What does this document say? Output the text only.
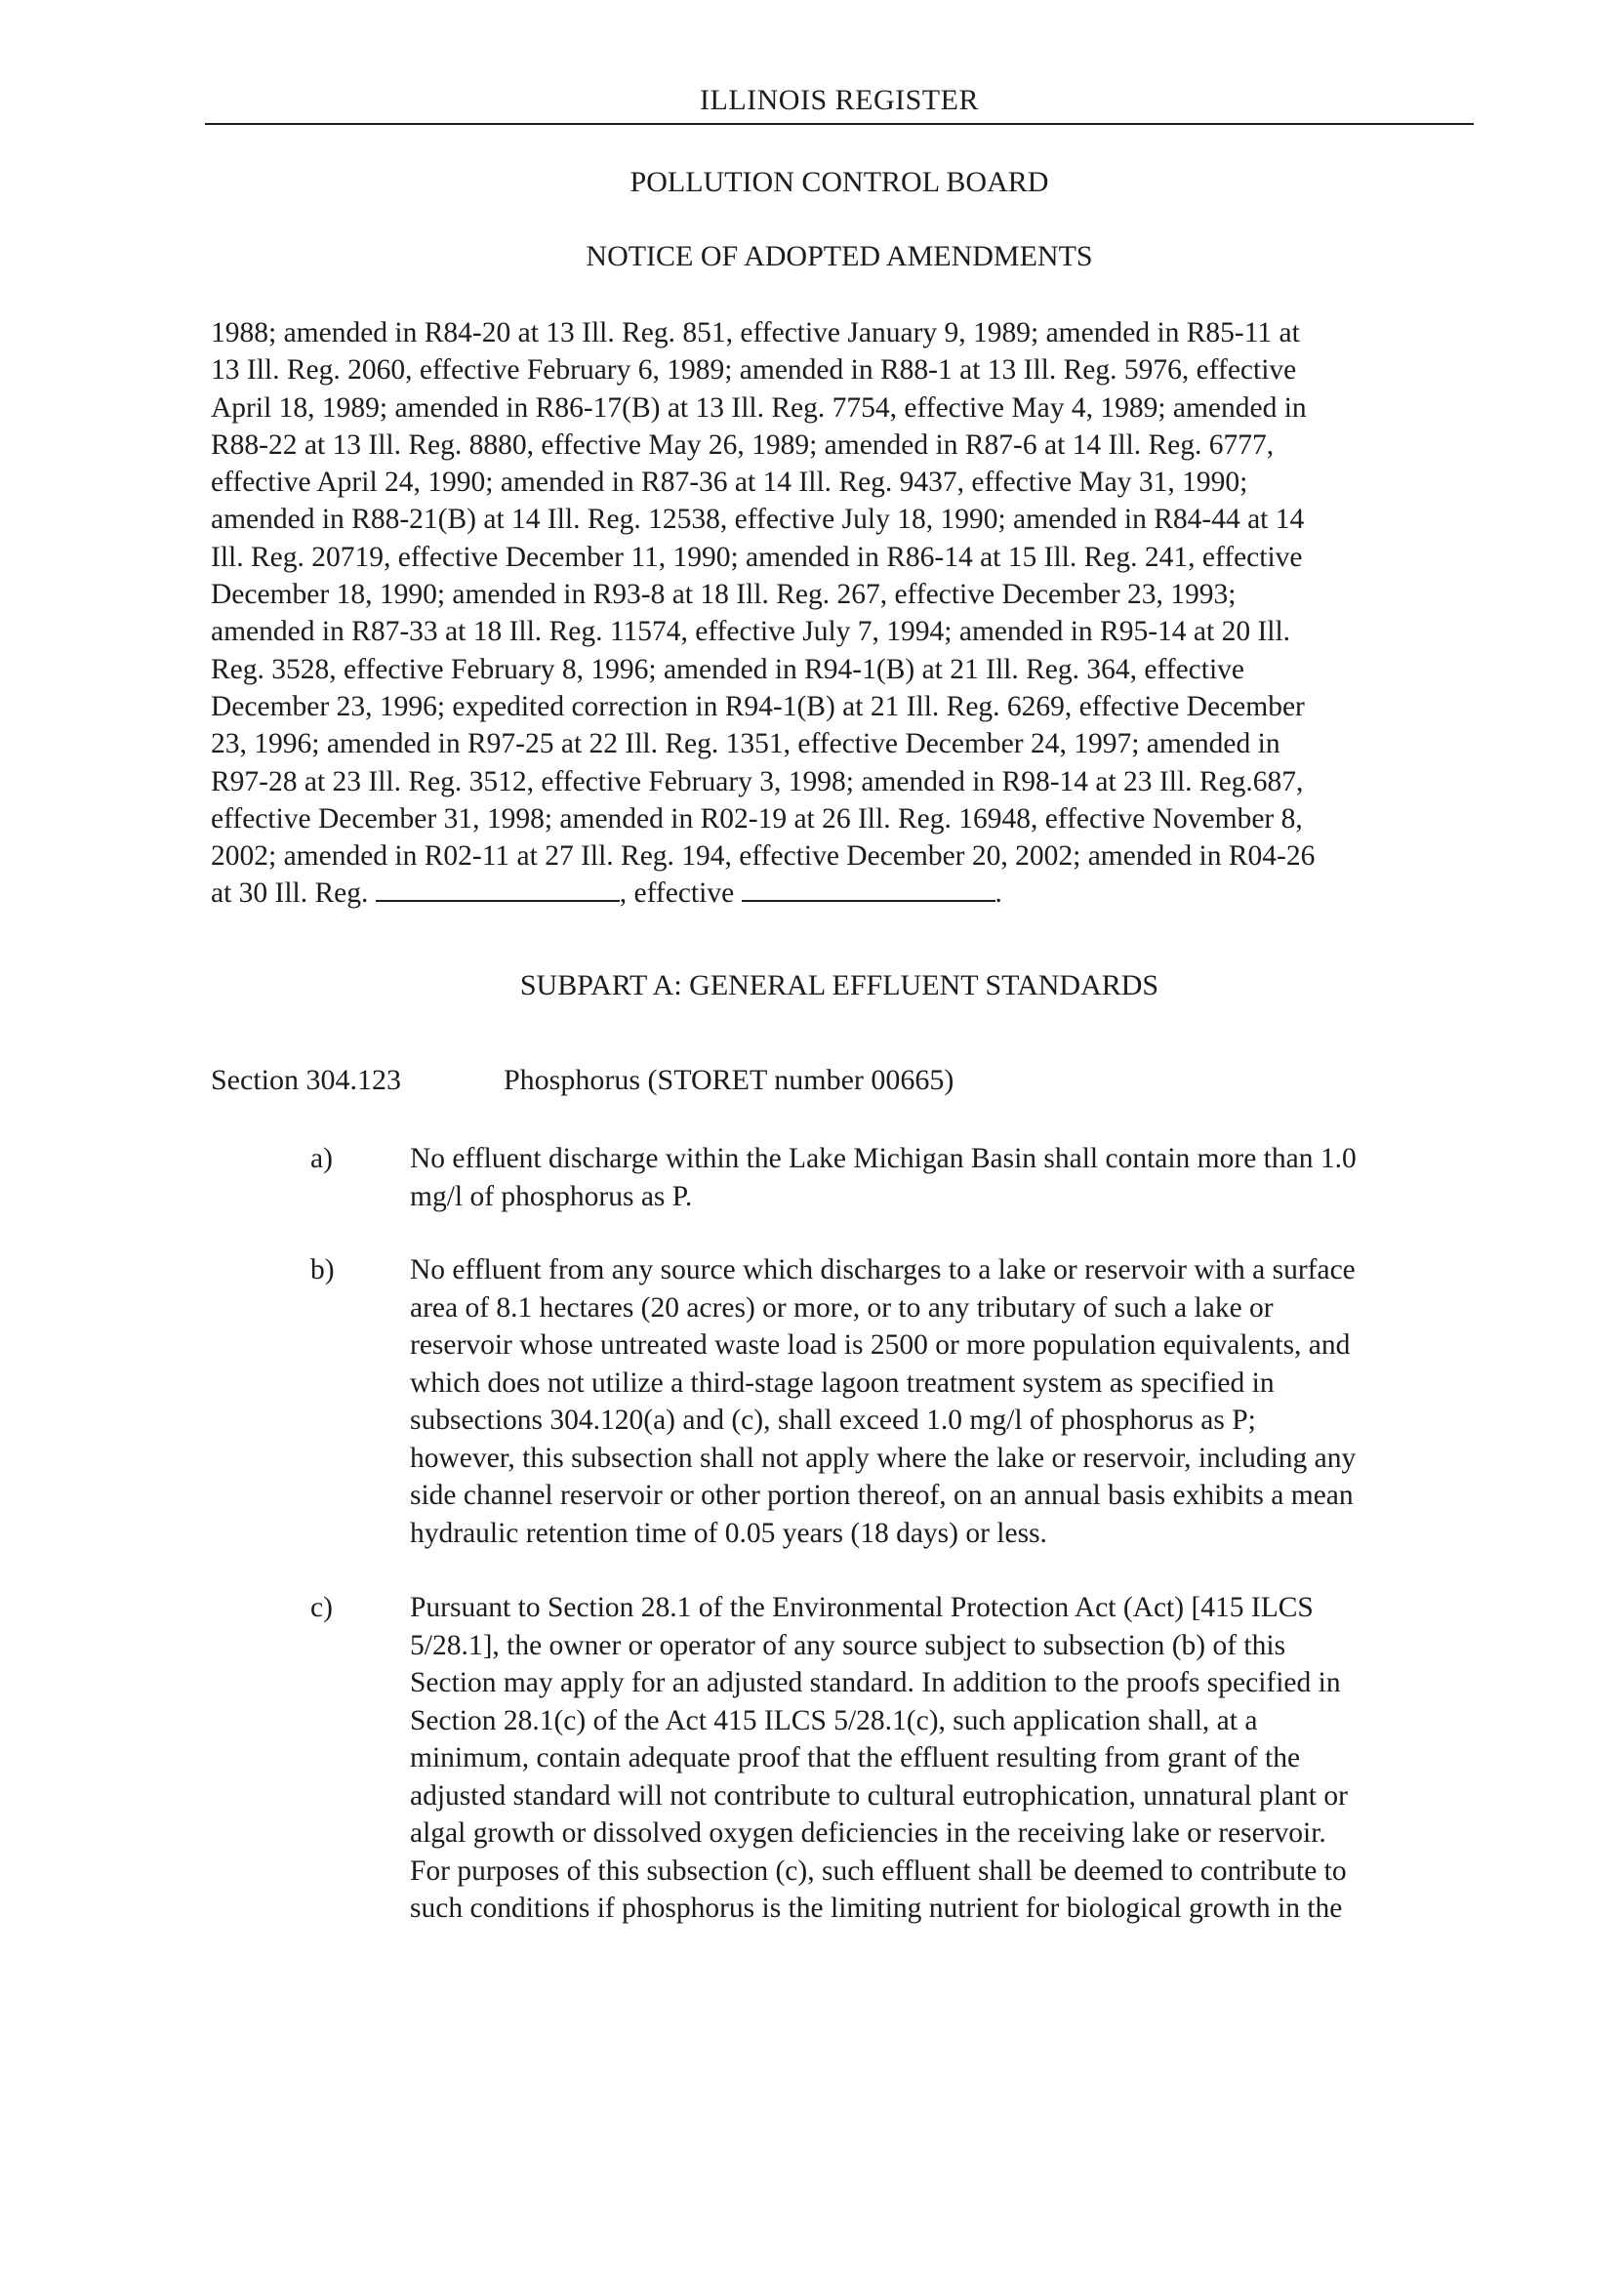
ILLINOIS REGISTER
POLLUTION CONTROL BOARD
NOTICE OF ADOPTED AMENDMENTS
1988; amended in R84-20 at 13 Ill. Reg. 851, effective January 9, 1989; amended in R85-11 at
13 Ill. Reg. 2060, effective February 6, 1989; amended in R88-1 at 13 Ill. Reg. 5976, effective
April 18, 1989; amended in R86-17(B) at 13 Ill. Reg. 7754, effective May 4, 1989; amended in
R88-22 at 13 Ill. Reg. 8880, effective May 26, 1989; amended in R87-6 at 14 Ill. Reg. 6777,
effective April 24, 1990; amended in R87-36 at 14 Ill. Reg. 9437, effective May 31, 1990;
amended in R88-21(B) at 14 Ill. Reg. 12538, effective July 18, 1990; amended in R84-44 at 14
Ill. Reg. 20719, effective December 11, 1990; amended in R86-14 at 15 Ill. Reg. 241, effective
December 18, 1990; amended in R93-8 at 18 Ill. Reg. 267, effective December 23, 1993;
amended in R87-33 at 18 Ill. Reg. 11574, effective July 7, 1994; amended in R95-14 at 20 Ill.
Reg. 3528, effective February 8, 1996; amended in R94-1(B) at 21 Ill. Reg. 364, effective
December 23, 1996; expedited correction in R94-1(B) at 21 Ill. Reg. 6269, effective December
23, 1996; amended in R97-25 at 22 Ill. Reg. 1351, effective December 24, 1997; amended in
R97-28 at 23 Ill. Reg. 3512, effective February 3, 1998; amended in R98-14 at 23 Ill. Reg.687,
effective December 31, 1998; amended in R02-19 at 26 Ill. Reg. 16948, effective November 8,
2002; amended in R02-11 at 27 Ill. Reg. 194, effective December 20, 2002; amended in R04-26
at 30 Ill. Reg.	, effective	.
SUBPART A: GENERAL EFFLUENT STANDARDS
Section 304.123	Phosphorus (STORET number 00665)
a)	No effluent discharge within the Lake Michigan Basin shall contain more than 1.0
mg/l of phosphorus as P.
b)	No effluent from any source which discharges to a lake or reservoir with a surface
area of 8.1 hectares (20 acres) or more, or to any tributary of such a lake or
reservoir whose untreated waste load is 2500 or more population equivalents, and
which does not utilize a third-stage lagoon treatment system as specified in
subsections 304.120(a) and (c), shall exceed 1.0 mg/l of phosphorus as P;
however, this subsection shall not apply where the lake or reservoir, including any
side channel reservoir or other portion thereof, on an annual basis exhibits a mean
hydraulic retention time of 0.05 years (18 days) or less.
c)	Pursuant to Section 28.1 of the Environmental Protection Act (Act) [415 ILCS
5/28.1], the owner or operator of any source subject to subsection (b) of this
Section may apply for an adjusted standard. In addition to the proofs specified in
Section 28.1(c) of the Act 415 ILCS 5/28.1(c), such application shall, at a
minimum, contain adequate proof that the effluent resulting from grant of the
adjusted standard will not contribute to cultural eutrophication, unnatural plant or
algal growth or dissolved oxygen deficiencies in the receiving lake or reservoir.
For purposes of this subsection (c), such effluent shall be deemed to contribute to
such conditions if phosphorus is the limiting nutrient for biological growth in the
